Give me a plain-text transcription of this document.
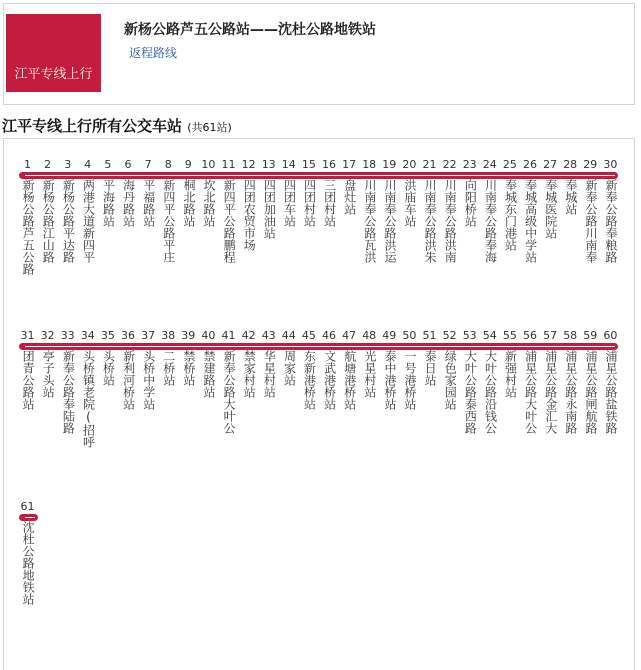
江平专线上行
新杨公路芦五公路站——沈杜公路地铁站
返程路线
江平专线上行所有公交车站 (共61站)
1
新杨公路芦五公路
2
新杨公路江山路
3
新杨公路平达路
4
两港大道新四平
5
平海路站
6
海丹路站
7
平福路站
8
新四平公路平庄
9
桐北路站
10
坎北路站
11
新四平公路鹏程
12
四团农贸市场
13
四团加油站
14
四团车站
15
四团村站
16
三团村站
17
盘灶站
18
川南奉公路瓦洪
19
川南奉公路洪运
20
洪庙车站
21
川南奉公路洪朱
22
川南奉公路洪南
23
向阳桥站
24
川南奉公路奉海
25
奉城东门港站
26
奉城高级中学站
27
奉城医院站
28
奉城站
29
新奉公路川南奉
30
新奉公路奉粮路
31
团青公路站
32
亭子头站
33
新奉公路奉陆路
34
头桥镇老院(招呼
35
头桥站
36
新利河桥站
37
头桥中学站
38
二桥站
39
禁桥站
40
禁建路站
41
新奉公路大叶公
42
禁家村站
43
华星村站
44
周家站
45
东新港桥站
46
文武港桥站
47
航塘港桥站
48
光星村站
49
泰中港桥站
50
一号港桥站
51
泰日站
52
绿色家园站
53
大叶公路泰西路
54
大叶公路沿钱公
55
新强村站
56
浦星公路大叶公
57
浦星公路金汇大
58
浦星公路永南路
59
浦星公路闸航路
60
浦星公路盐铁路
61
沈杜公路地铁站
